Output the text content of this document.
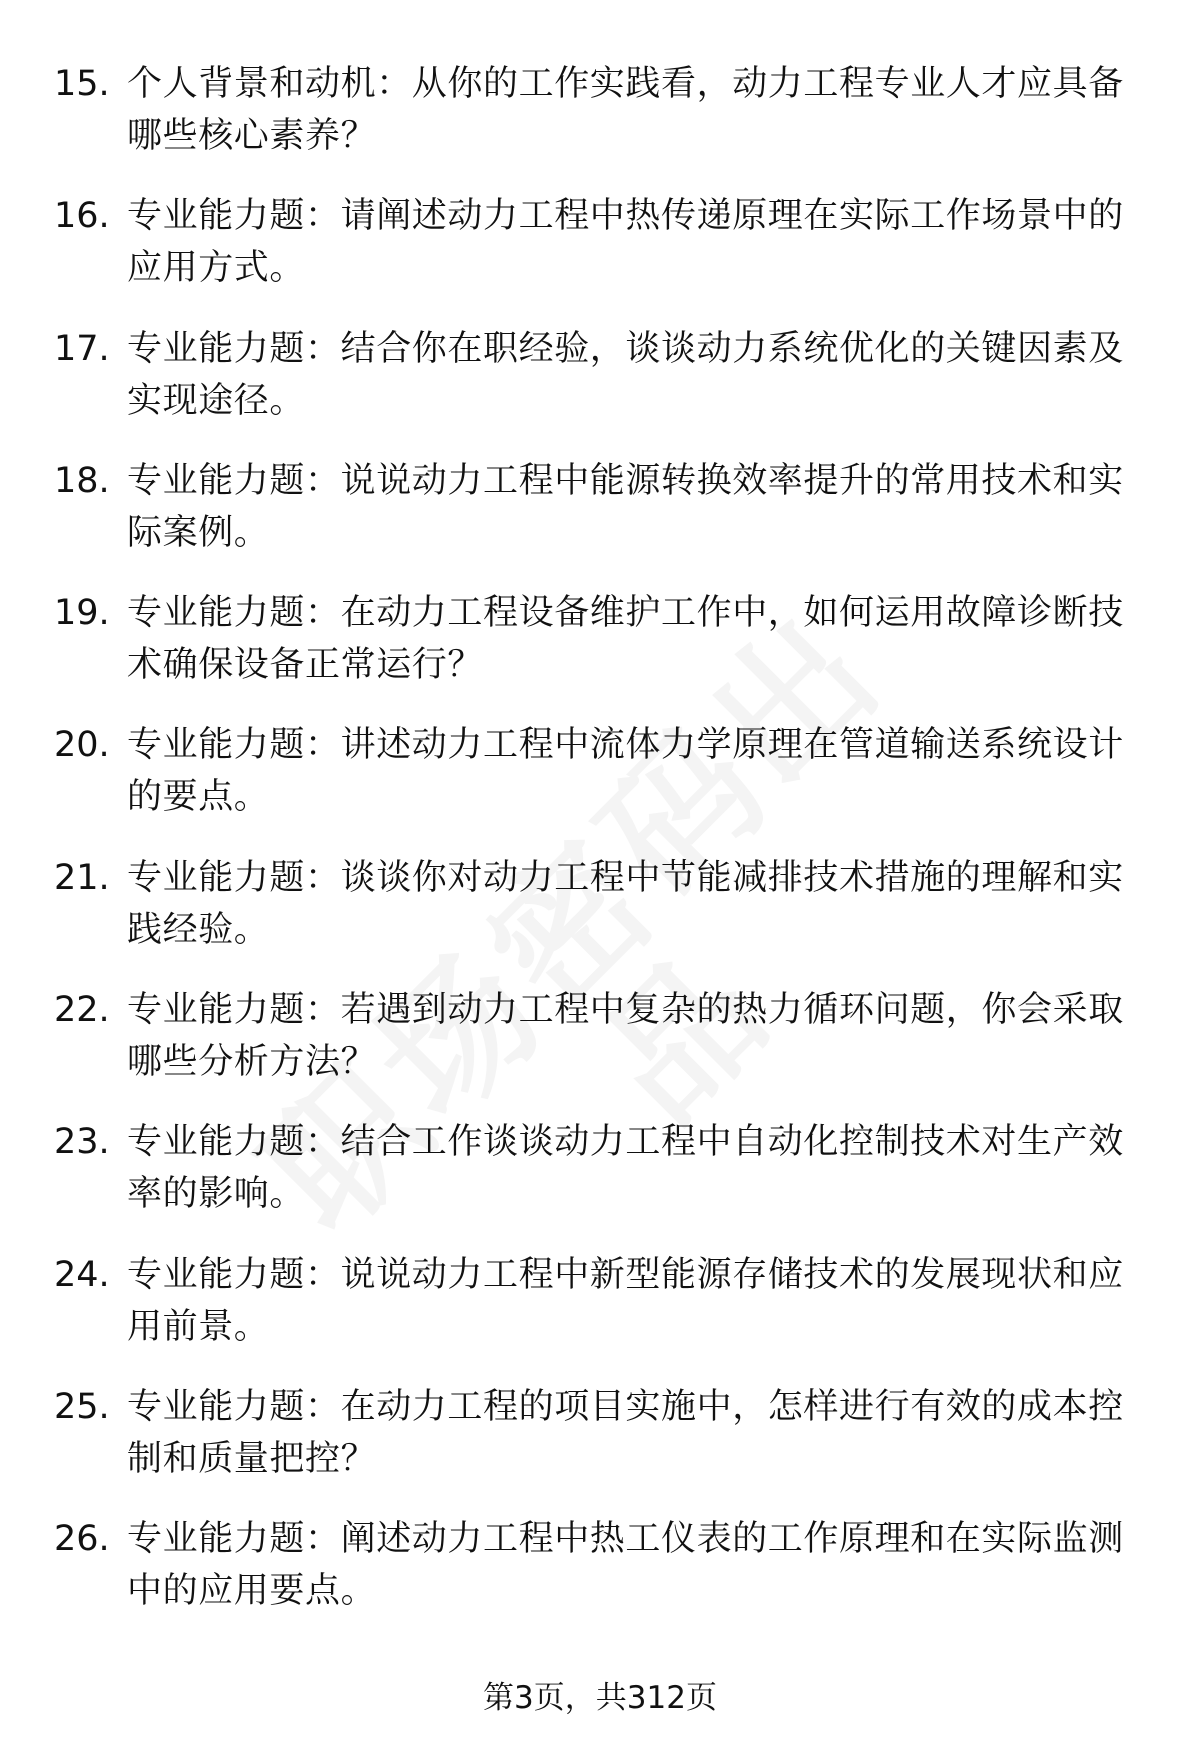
15. 个人背景和动机：从你的工作实践看，动力工程专业人才应具备哪些核心素养？
16. 专业能力题：请阐述动力工程中热传递原理在实际工作场景中的应用方式。
17. 专业能力题：结合你在职经验，谈谈动力系统优化的关键因素及实现途径。
18. 专业能力题：说说动力工程中能源转换效率提升的常用技术和实际案例。
19. 专业能力题：在动力工程设备维护工作中，如何运用故障诊断技术确保设备正常运行？
20. 专业能力题：讲述动力工程中流体力学原理在管道输送系统设计的要点。
21. 专业能力题：谈谈你对动力工程中节能减排技术措施的理解和实践经验。
22. 专业能力题：若遇到动力工程中复杂的热力循环问题，你会采取哪些分析方法？
23. 专业能力题：结合工作谈谈动力工程中自动化控制技术对生产效率的影响。
24. 专业能力题：说说动力工程中新型能源存储技术的发展现状和应用前景。
25. 专业能力题：在动力工程的项目实施中，怎样进行有效的成本控制和质量把控？
26. 专业能力题：阐述动力工程中热工仪表的工作原理和在实际监测中的应用要点。
第3页，共312页
